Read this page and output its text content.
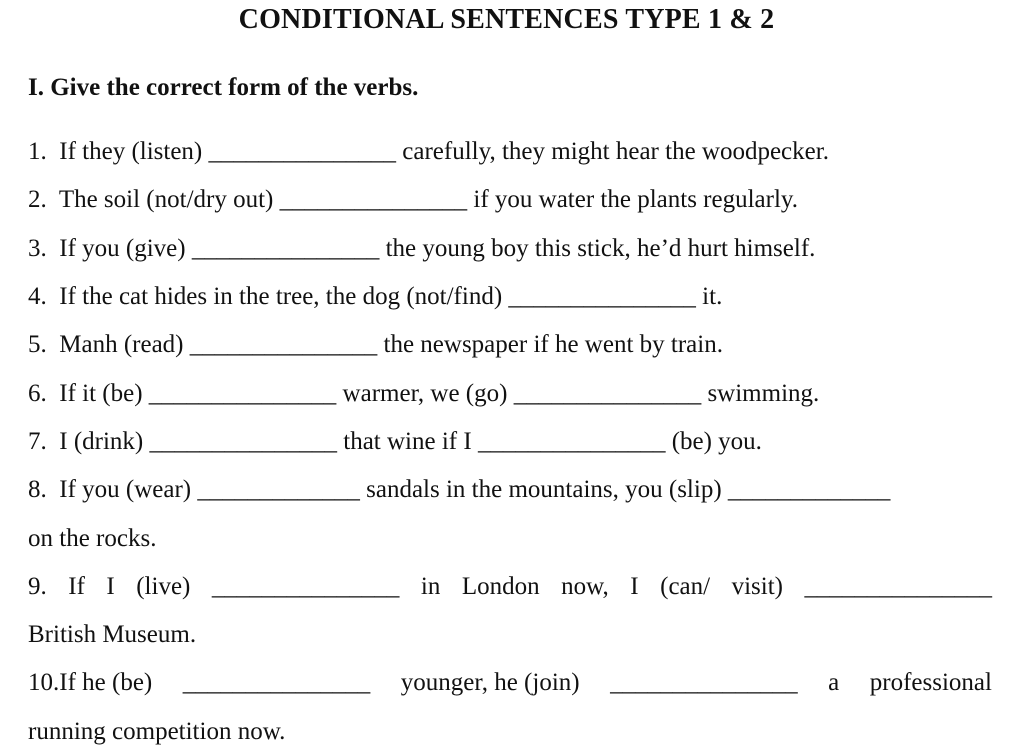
CONDITIONAL SENTENCES TYPE 1 & 2
I. Give the correct form of the verbs.
1. If they (listen) _______________ carefully, they might hear the woodpecker.
2. The soil (not/dry out) _______________ if you water the plants regularly.
3. If you (give) _______________ the young boy this stick, he’d hurt himself.
4. If the cat hides in the tree, the dog (not/find) _______________ it.
5. Manh (read) _______________ the newspaper if he went by train.
6. If it (be) _______________ warmer, we (go) _______________ swimming.
7. I (drink) _______________ that wine if I _______________ (be) you.
8. If you (wear) _____________ sandals in the mountains, you (slip) _____________
on the rocks.
9. If I (live) _______________ in London now, I (can/ visit) _______________
British Museum.
10.If he (be) _______________ younger, he (join) _______________ a professional
running competition now.
